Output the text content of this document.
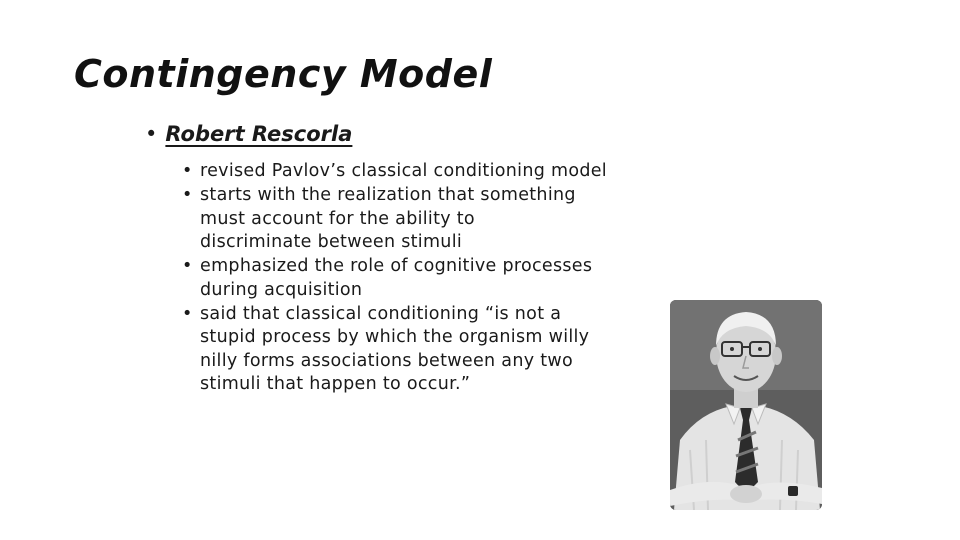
Contingency Model
• Robert Rescorla
• revised Pavlov’s classical conditioning model
• starts with the realization that something
must account for the ability to
discriminate between stimuli
• emphasized the role of cognitive processes
during acquisition
• said that classical conditioning “is not a
stupid process by which the organism willy
nilly forms associations between any two
stimuli that happen to occur.”
